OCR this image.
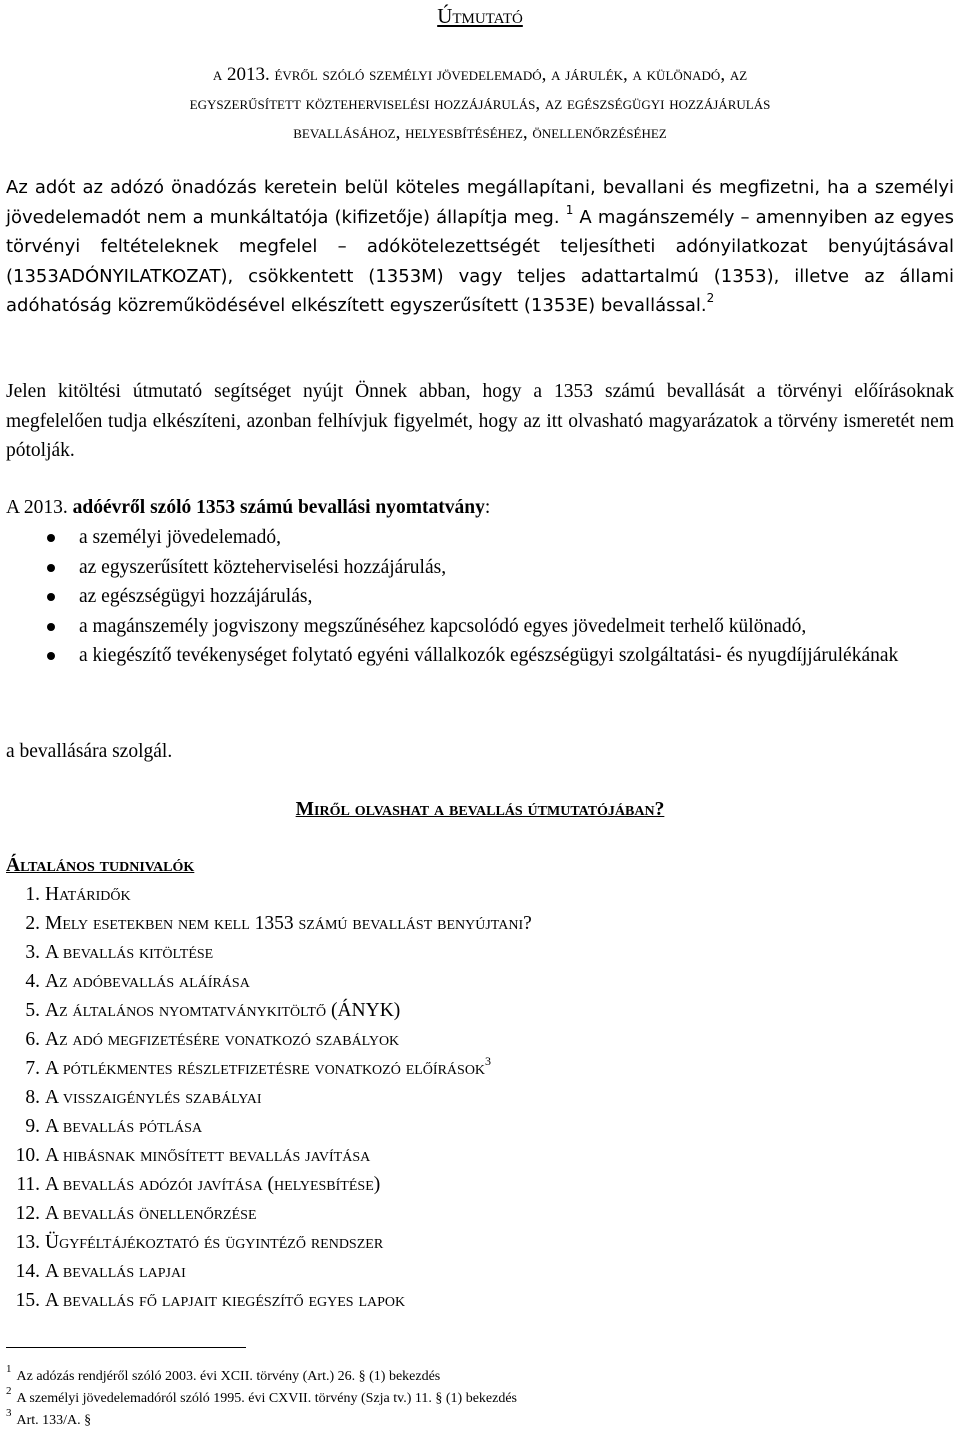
Útmutató
a 2013. évről szóló személyi jövedelemadó, a járulék, a különadó, az
egyszerűsített közteherviselési hozzájárulás, az egészségügyi hozzájárulás
bevallásához, helyesbítéséhez, önellenőrzéséhez
Az adót az adózó önadózás keretein belül köteles megállapítani, bevallani és megfizetni, ha a személyi jövedelemadót nem a munkáltatója (kifizetője) állapítja meg. $^1$ A magánszemély – amennyiben az egyes törvényi feltételeknek megfelel – adókötelezettségét teljesítheti adónyilatkozat benyújtásával (1353ADÓNYILATKOZAT), csökkentett (1353M) vagy teljes adattartalmú (1353), illetve az állami adóhatóság közreműködésével elkészített egyszerűsített (1353E) bevallással.$^2$
Jelen kitöltési útmutató segítséget nyújt Önnek abban, hogy a 1353 számú bevallását a törvényi előírásoknak megfelelően tudja elkészíteni, azonban felhívjuk figyelmét, hogy az itt olvasható magyarázatok a törvény ismeretét nem pótolják.
A 2013. adóévről szóló 1353 számú bevallási nyomtatvány:
a személyi jövedelemadó,
az egyszerűsített közteherviselési hozzájárulás,
az egészségügyi hozzájárulás,
a magánszemély jogviszony megszűnéséhez kapcsolódó egyes jövedelmeit terhelő különadó,
a kiegészítő tevékenységet folytató egyéni vállalkozók egészségügyi szolgáltatási- és nyugdíjjárulékának
a bevallására szolgál.
Miről olvashat a bevallás útmutatójában?
Általános tudnivalók
1. Határidők
2. Mely esetekben nem kell 1353 számú bevallást benyújtani?
3. A bevallás kitöltése
4. Az adóbevallás aláírása
5. Az általános nyomtatványkitöltő (ÁNYK)
6. Az adó megfizetésére vonatkozó szabályok
7. A pótlékmentes részletfizetésre vonatkozó előírások$^3$
8. A visszaigénylés szabályai
9. A bevallás pótlása
10. A hibásnak minősített bevallás javítása
11. A bevallás adózói javítása (helyesbítése)
12. A bevallás önellenőrzése
13. Ügyféltájékoztató és ügyintéző rendszer
14. A bevallás lapjai
15. A bevallás fő lapjait kiegészítő egyes lapok
$^1$ Az adózás rendjéről szóló 2003. évi XCII. törvény (Art.) 26. § (1) bekezdés
$^2$ A személyi jövedelemadóról szóló 1995. évi CXVII. törvény (Szja tv.) 11. § (1) bekezdés
$^3$ Art. 133/A. §
